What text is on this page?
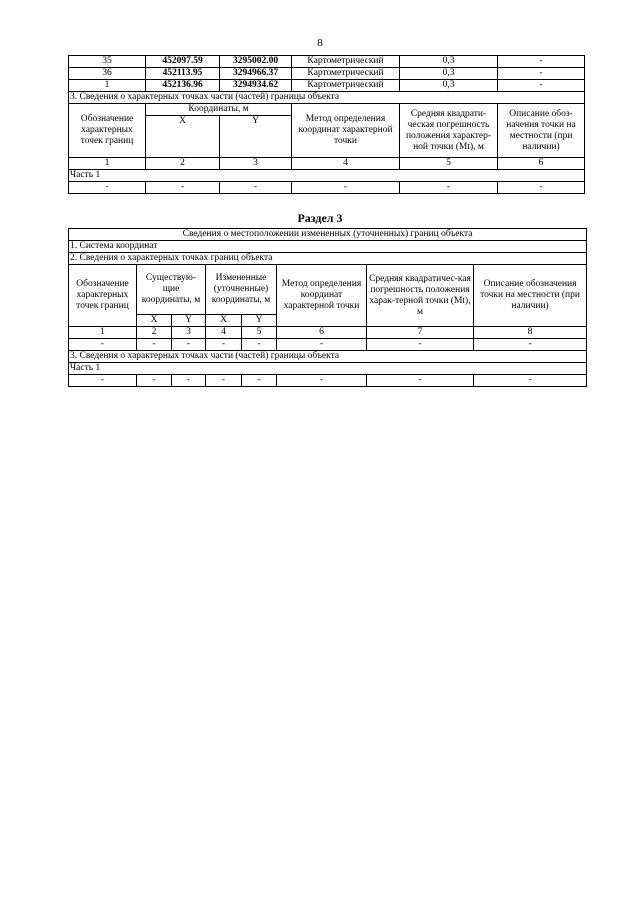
8
35	452097.59	3295002.00	Картометрический	0,3	-
36	452113.95	3294966.37	Картометрический	0,3	-
1	452136.96	3294934.62	Картометрический	0,3	-
3. Сведения о характерных точках части (частей) границы объекта					
Обозначение характерных точек границ	Координаты, м		Метод определения координат характерной точки	Средняя квадрати-ческая погрешность положения характер-ной точки (Mt), м	Описание обоз-начения точки на местности (при наличии)
	X	Y			
1	2	3	4	5	6
Часть 1					
-	-	-	-	-	-
Раздел 3
Сведения о местоположении измененных (уточненных) границ объекта							
1. Система координат							
2. Сведения о характерных точках границ объекта							
Обозначение характерных точек границ	Существую-щие координаты, м		Измененные (уточненные) координаты, м		Метод определения координат характерной точки	Средняя квадратичес-кая погрешность положения харак-терной точки (Mt), м	Описание обозначения точки на местности (при наличии)
	X	Y	X	Y			
1	2	3	4	5	6	7	8
-	-	-	-	-	-	-	-
3. Сведения о характерных точках части (частей) границы объекта							
Часть 1							
-	-	-	-	-	-	-	-
